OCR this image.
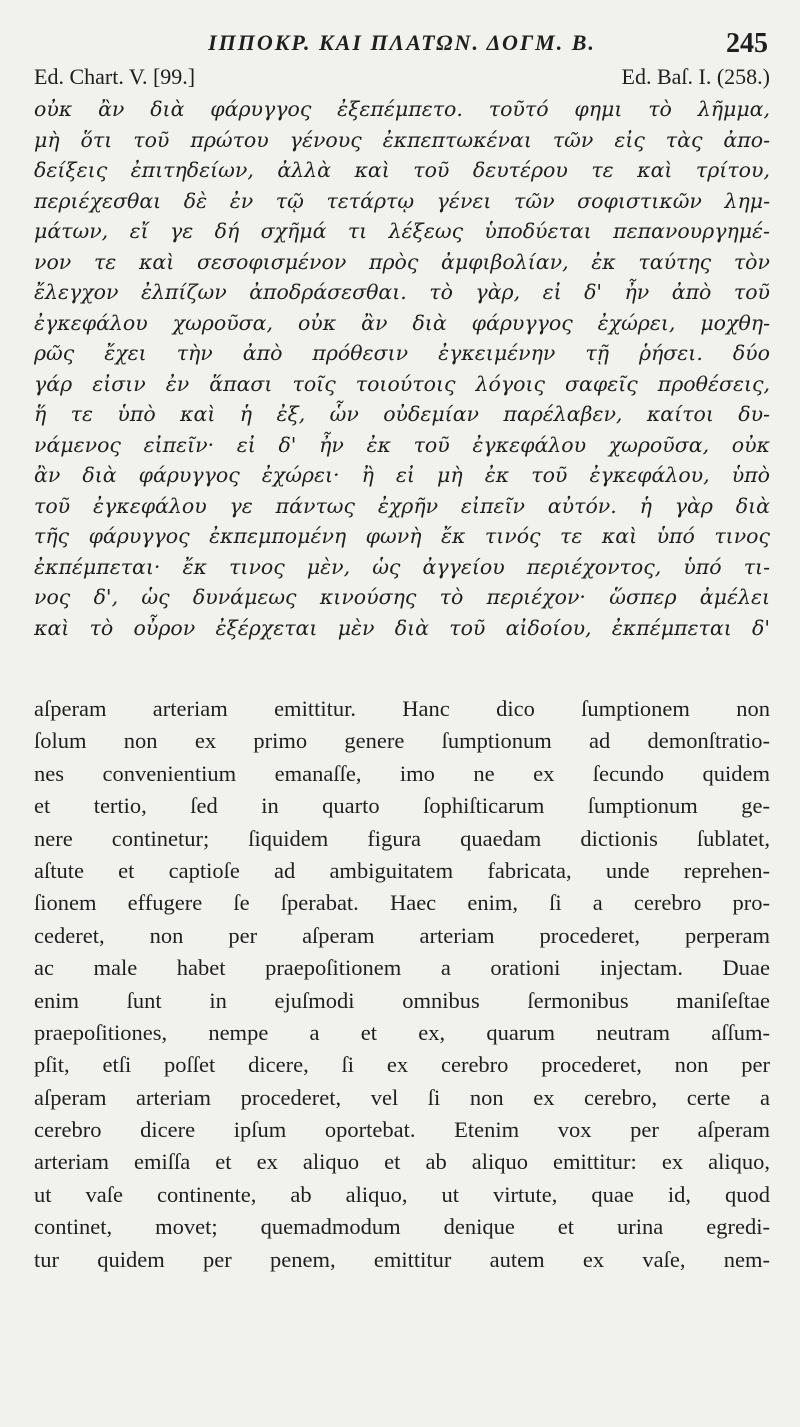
ΙΠΠΟΚΡ. ΚΑΙ ΠΛΑΤΩΝ. ΔΟΓΜ. Β.	245
Ed. Chart. V. [99.]	Ed. Baſ. I. (258.)
οὐκ ἂν διὰ φάρυγγος ἐξεπέμπετο. τοῦτό φημι τὸ λῆμμα,
μὴ ὅτι τοῦ πρώτου γένους ἐκπεπτωκέναι τῶν εἰς τὰς ἀπο-
δείξεις ἐπιτηδείων, ἀλλὰ καὶ τοῦ δευτέρου τε καὶ τρίτου,
περιέχεσθαι δὲ ἐν τῷ τετάρτῳ γένει τῶν σοφιστικῶν λημ-
μάτων, εἴ γε δή σχῆμά τι λέξεως ὑποδύεται πεπανουργημέ-
νον τε καὶ σεσοφισμένον πρὸς ἀμφιβολίαν, ἐκ ταύτης τὸν
ἔλεγχον ἐλπίζων ἀποδράσεσθαι. τὸ γὰρ, εἰ δ' ἦν ἀπὸ τοῦ
ἐγκεφάλου χωροῦσα, οὐκ ἂν διὰ φάρυγγος ἐχώρει, μοχθη-
ρῶς ἔχει τὴν ἀπὸ πρόθεσιν ἐγκειμένην τῇ ῥήσει. δύο
γάρ εἰσιν ἐν ἅπασι τοῖς τοιούτοις λόγοις σαφεῖς προθέσεις,
ἥ τε ὑπὸ καὶ ἡ ἐξ, ὧν οὐδεμίαν παρέλαβεν, καίτοι δυ-
νάμενος εἰπεῖν· εἰ δ' ἦν ἐκ τοῦ ἐγκεφάλου χωροῦσα, οὐκ
ἂν διὰ φάρυγγος ἐχώρει· ἢ εἰ μὴ ἐκ τοῦ ἐγκεφάλου, ὑπὸ
τοῦ ἐγκεφάλου γε πάντως ἐχρῆν εἰπεῖν αὐτόν. ἡ γὰρ διὰ
τῆς φάρυγγος ἐκπεμπομένη φωνὴ ἔκ τινός τε καὶ ὑπό τινος
ἐκπέμπεται· ἔκ τινος μὲν, ὡς ἀγγείου περιέχοντος, ὑπό τι-
νος δ', ὡς δυνάμεως κινούσης τὸ περιέχον· ὥσπερ ἀμέλει
καὶ τὸ οὖρον ἐξέρχεται μὲν διὰ τοῦ αἰδοίου, ἐκπέμπεται δ'
aſperam arteriam emittitur. Hanc dico ſumptionem non
ſolum non ex primo genere ſumptionum ad demonſtratio-
nes convenientium emanaſſe, imo ne ex ſecundo quidem
et tertio, ſed in quarto ſophiſticarum ſumptionum ge-
nere continetur; ſiquidem figura quaedam dictionis ſublatet,
aſtute et captioſe ad ambiguitatem fabricata, unde reprehen-
ſionem effugere ſe ſperabat. Haec enim, ſi a cerebro pro-
cederet, non per aſperam arteriam procederet, perperam
ac male habet praepoſitionem a orationi injectam. Duae
enim ſunt in ejuſmodi omnibus ſermonibus maniſeſtae
praepoſitiones, nempe a et ex, quarum neutram aſſum-
pſit, etſi poſſet dicere, ſi ex cerebro procederet, non per
aſperam arteriam procederet, vel ſi non ex cerebro, certe a
cerebro dicere ipſum oportebat. Etenim vox per aſperam
arteriam emiſſa et ex aliquo et ab aliquo emittitur: ex aliquo,
ut vaſe continente, ab aliquo, ut virtute, quae id, quod
continet, movet; quemadmodum denique et urina egredi-
tur quidem per penem, emittitur autem ex vaſe, nem-
